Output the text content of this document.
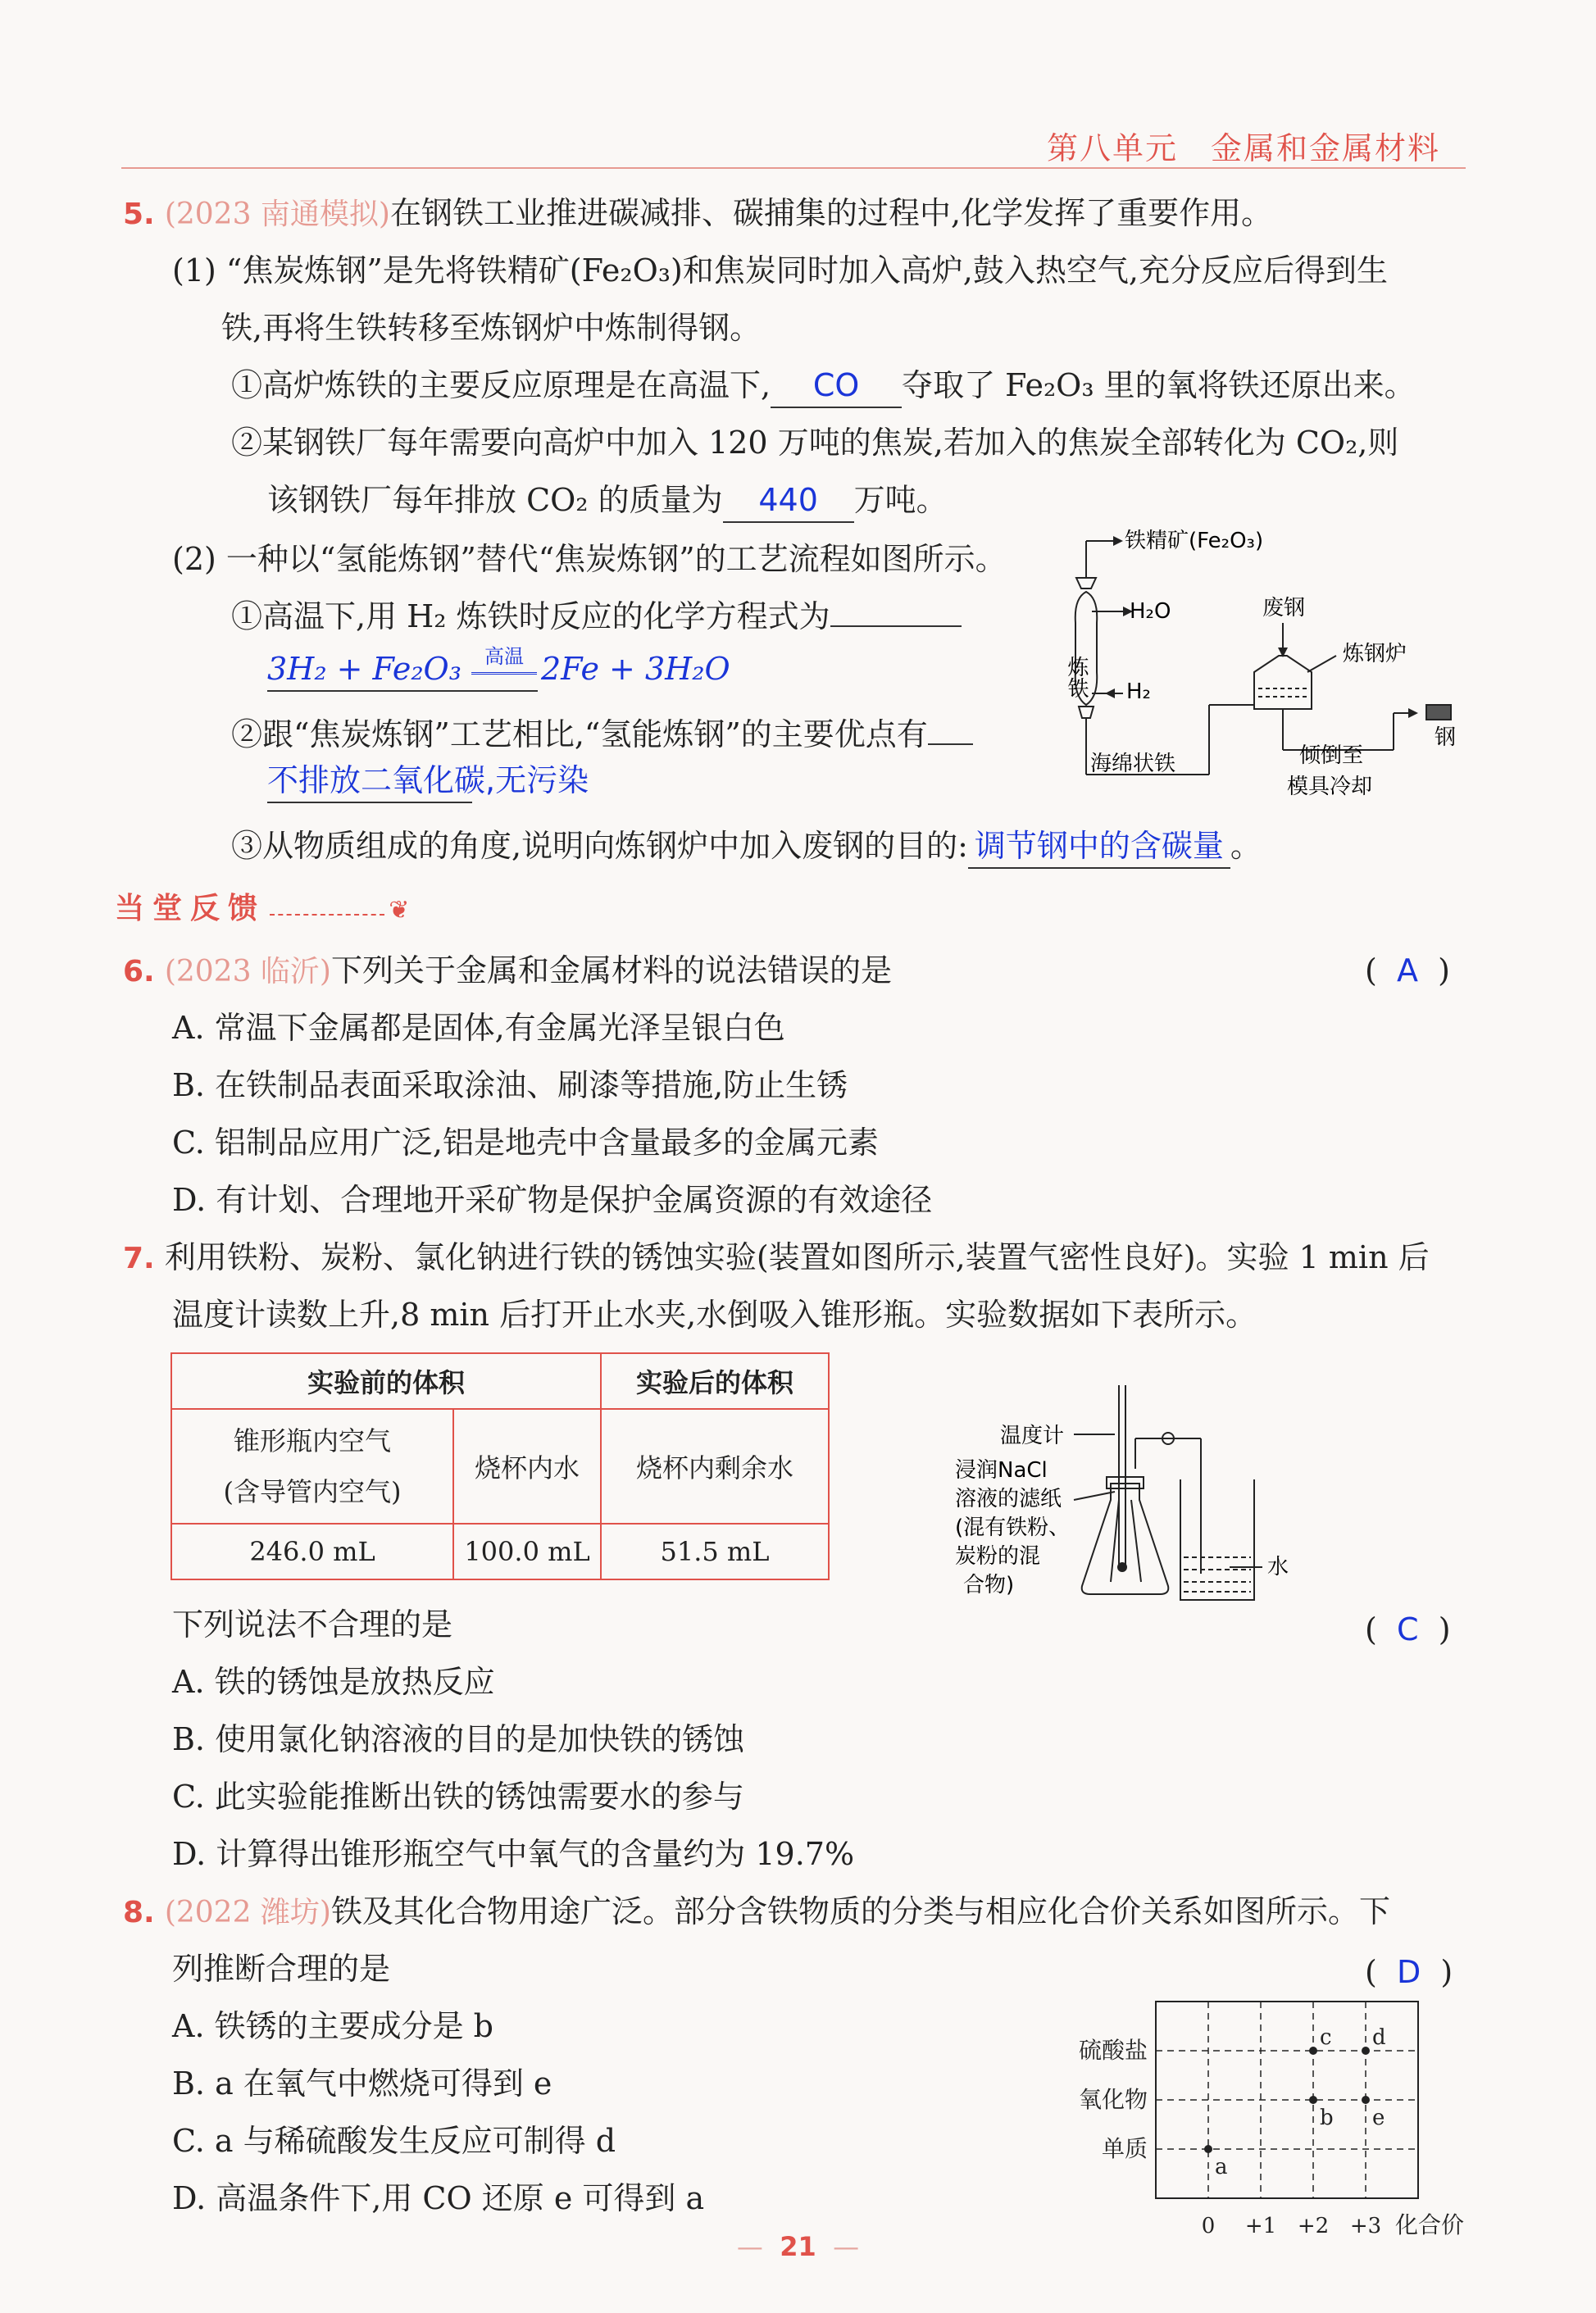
第八单元 金属和金属材料
5. (2023 南通模拟)在钢铁工业推进碳减排、碳捕集的过程中,化学发挥了重要作用。
(1) “焦炭炼钢”是先将铁精矿(Fe₂O₃)和焦炭同时加入高炉,鼓入热空气,充分反应后得到生
铁,再将生铁转移至炼钢炉中炼制得钢。
①高炉炼铁的主要反应原理是在高温下, CO 夺取了 Fe₂O₃ 里的氧将铁还原出来。
②某钢铁厂每年需要向高炉中加入 120 万吨的焦炭,若加入的焦炭全部转化为 CO₂,则
该钢铁厂每年排放 CO₂ 的质量为 440 万吨。
(2) 一种以“氢能炼钢”替代“焦炭炼钢”的工艺流程如图所示。
①高温下,用 H₂ 炼铁时反应的化学方程式为
3H₂ + Fe₂O₃	高温 2Fe + 3H₂O
②跟“焦炭炼钢”工艺相比,“氢能炼钢”的主要优点有
不排放二氧化碳,无污染
③从物质组成的角度,说明向炼钢炉中加入废钢的目的: 调节钢中的含碳量 。
铁精矿(Fe₂O₃)
H₂O	废钢
炼铁
炼钢炉
H₂
海绵状铁	倾倒至
模具冷却
钢
当堂反馈	❦
6. (2023 临沂)下列关于金属和金属材料的说法错误的是	(  A  )
A. 常温下金属都是固体,有金属光泽呈银白色
B. 在铁制品表面采取涂油、刷漆等措施,防止生锈
C. 铝制品应用广泛,铝是地壳中含量最多的金属元素
D. 有计划、合理地开采矿物是保护金属资源的有效途径
7. 利用铁粉、炭粉、氯化钠进行铁的锈蚀实验(装置如图所示,装置气密性良好)。实验 1 min 后
温度计读数上升,8 min 后打开止水夹,水倒吸入锥形瓶。实验数据如下表所示。
实验前的体积		实验后的体积

锥形瓶内空气
(含导管内空气)	烧杯内水	烧杯内剩余水
246.0 mL	100.0 mL	51.5 mL
温度计
浸润NaCl
溶液的滤纸
(混有铁粉、
炭粉的混
合物)
水
下列说法不合理的是	(  C  )
A. 铁的锈蚀是放热反应
B. 使用氯化钠溶液的目的是加快铁的锈蚀
C. 此实验能推断出铁的锈蚀需要水的参与
D. 计算得出锥形瓶空气中氧气的含量约为 19.7%
8. (2022 潍坊)铁及其化合物用途广泛。部分含铁物质的分类与相应化合价关系如图所示。下
列推断合理的是	(  D  )
A. 铁锈的主要成分是 b
B. a 在氧气中燃烧可得到 e
C. a 与稀硫酸发生反应可制得 d
D. 高温条件下,用 CO 还原 e 可得到 a
硫酸盐
氧化物
单质
0 +1 +2 +3 化合价
a
b
c d
e
—  21  —
